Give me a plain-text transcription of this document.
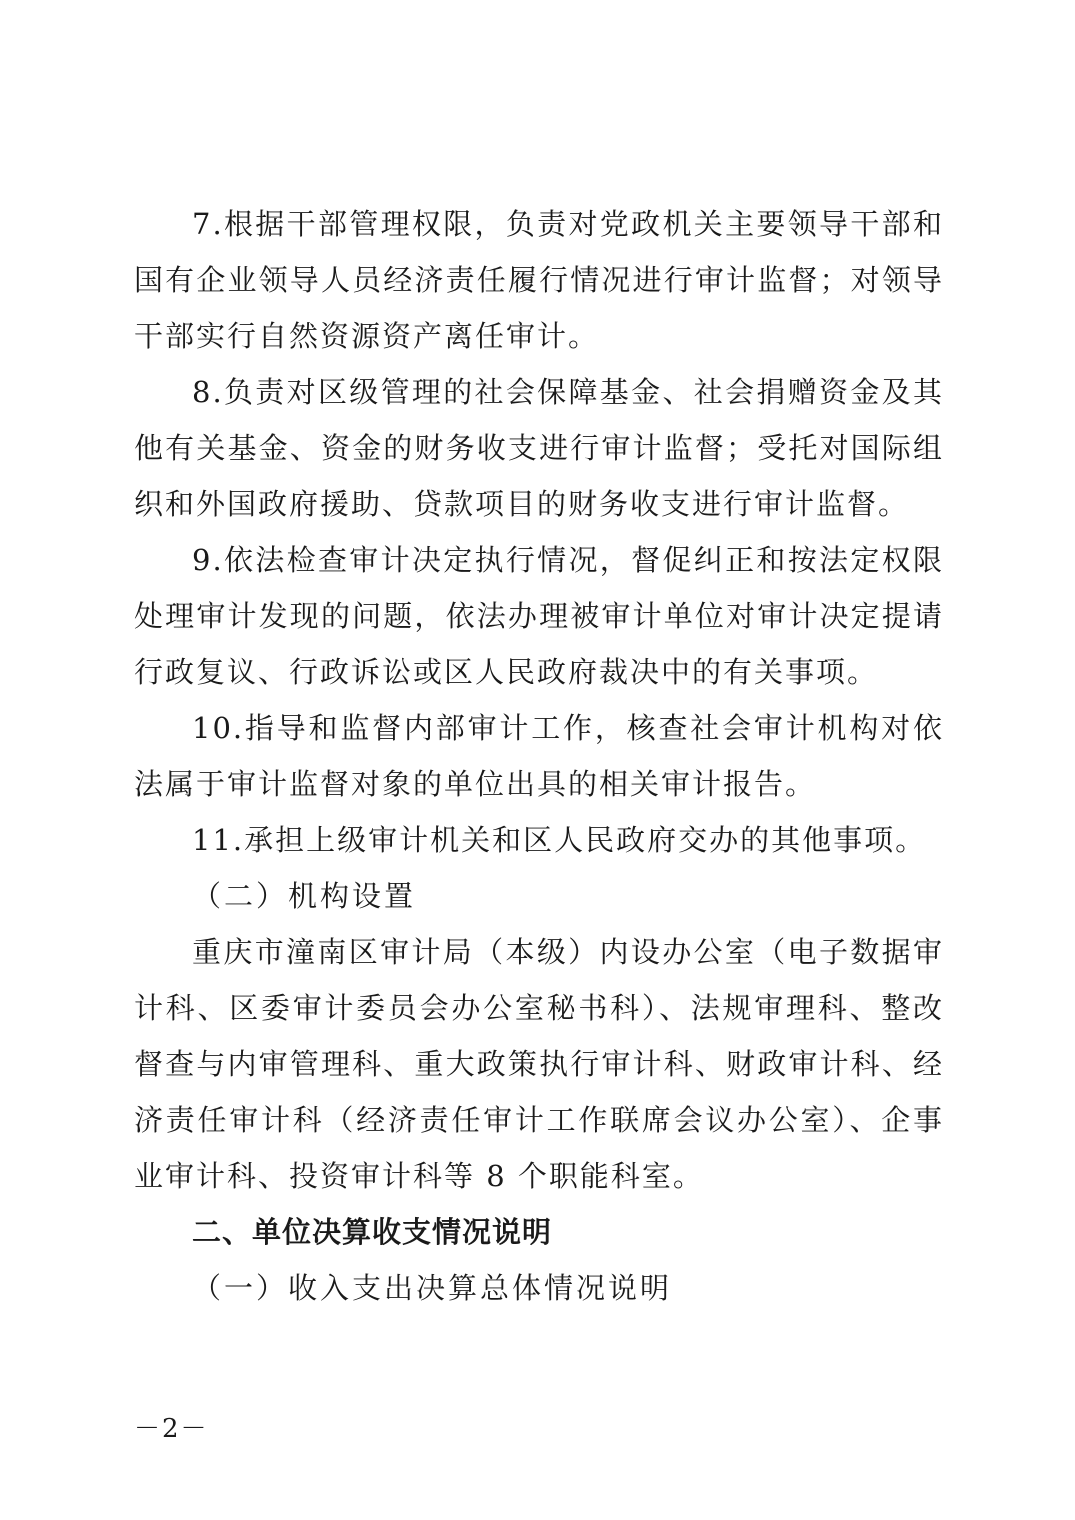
7.根据干部管理权限，负责对党政机关主要领导干部和国有企业领导人员经济责任履行情况进行审计监督；对领导干部实行自然资源资产离任审计。

8.负责对区级管理的社会保障基金、社会捐赠资金及其他有关基金、资金的财务收支进行审计监督；受托对国际组织和外国政府援助、贷款项目的财务收支进行审计监督。

9.依法检查审计决定执行情况，督促纠正和按法定权限处理审计发现的问题，依法办理被审计单位对审计决定提请行政复议、行政诉讼或区人民政府裁决中的有关事项。

10.指导和监督内部审计工作，核查社会审计机构对依法属于审计监督对象的单位出具的相关审计报告。

11.承担上级审计机关和区人民政府交办的其他事项。

（二）机构设置

重庆市潼南区审计局（本级）内设办公室（电子数据审计科、区委审计委员会办公室秘书科）、法规审理科、整改督查与内审管理科、重大政策执行审计科、财政审计科、经济责任审计科（经济责任审计工作联席会议办公室）、企事业审计科、投资审计科等 8 个职能科室。

二、单位决算收支情况说明

（一）收入支出决算总体情况说明

－2－
